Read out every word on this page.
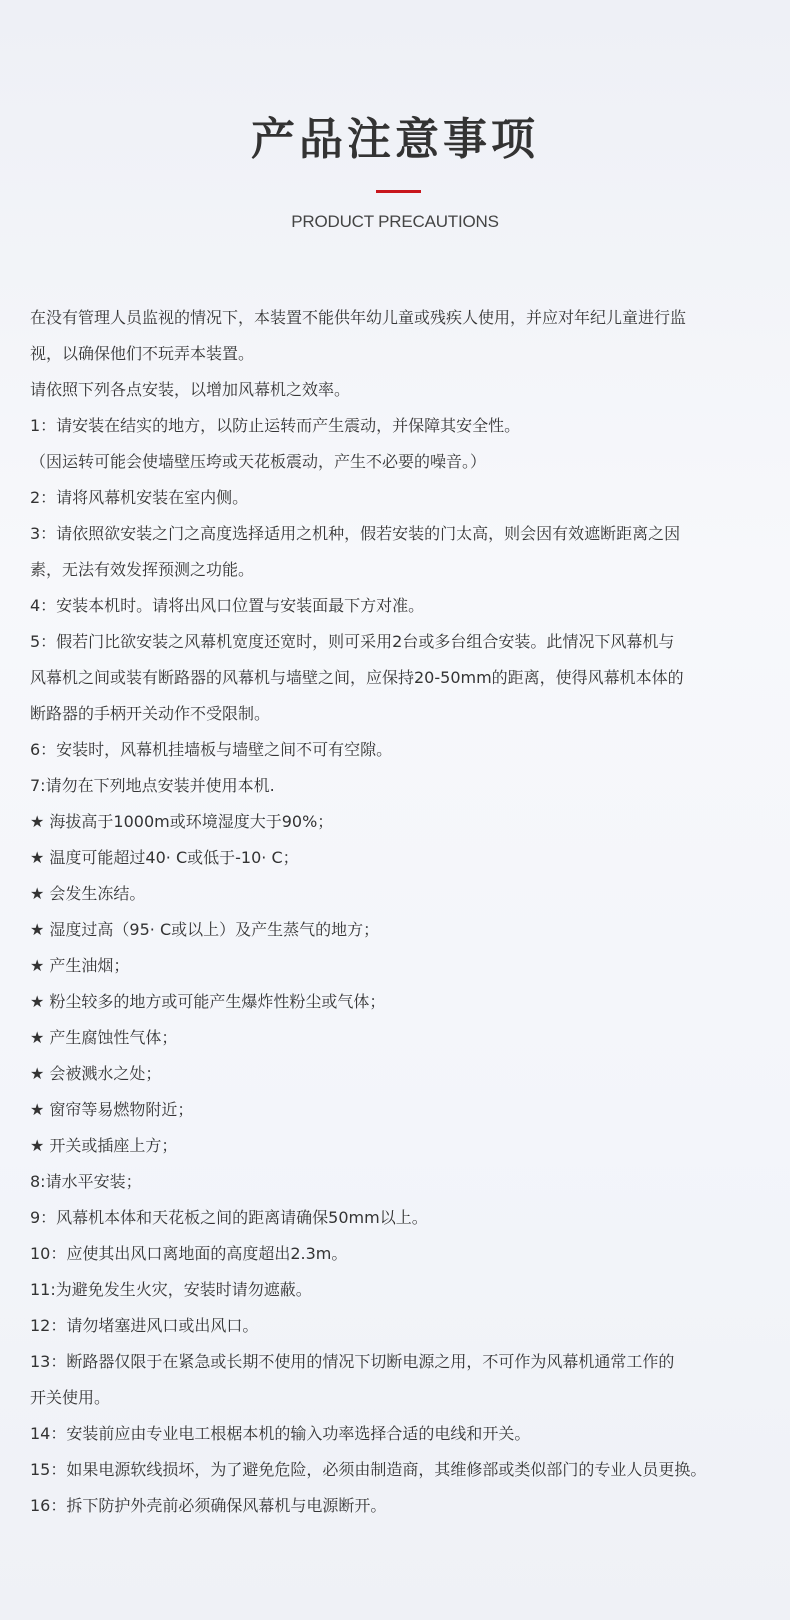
产品注意事项
PRODUCT PRECAUTIONS
在没有管理人员监视的情况下，本装置不能供年幼儿童或残疾人使用，并应对年纪儿童进行监
视，以确保他们不玩弄本装置。
请依照下列各点安装，以增加风幕机之效率。
1：请安装在结实的地方，以防止运转而产生震动，并保障其安全性。
（因运转可能会使墙壁压垮或天花板震动，产生不必要的噪音。）
2：请将风幕机安装在室内侧。
3：请依照欲安装之门之高度选择适用之机种，假若安装的门太高，则会因有效遮断距离之因
素，无法有效发挥预测之功能。
4：安装本机时。请将出风口位置与安装面最下方对准。
5：假若门比欲安装之风幕机宽度还宽时，则可采用2台或多台组合安装。此情况下风幕机与
风幕机之间或装有断路器的风幕机与墙壁之间，应保持20-50mm的距离，使得风幕机本体的
断路器的手柄开关动作不受限制。
6：安装时，风幕机挂墙板与墙壁之间不可有空隙。
7:请勿在下列地点安装并使用本机.
★ 海拔高于1000m或环境湿度大于90%；
★ 温度可能超过40· C或低于-10· C；
★ 会发生冻结。
★ 湿度过高（95· C或以上）及产生蒸气的地方；
★ 产生油烟；
★ 粉尘较多的地方或可能产生爆炸性粉尘或气体；
★ 产生腐蚀性气体；
★ 会被溅水之处；
★ 窗帘等易燃物附近；
★ 开关或插座上方；
8:请水平安装；
9：风幕机本体和天花板之间的距离请确保50mm以上。
10：应使其出风口离地面的高度超出2.3m。
11:为避免发生火灾，安装时请勿遮蔽。
12：请勿堵塞进风口或出风口。
13：断路器仅限于在紧急或长期不使用的情况下切断电源之用，不可作为风幕机通常工作的
开关使用。
14：安装前应由专业电工根椐本机的输入功率选择合适的电线和开关。
15：如果电源软线损坏，为了避免危险，必须由制造商，其维修部或类似部门的专业人员更换。
16：拆下防护外壳前必须确保风幕机与电源断开。
